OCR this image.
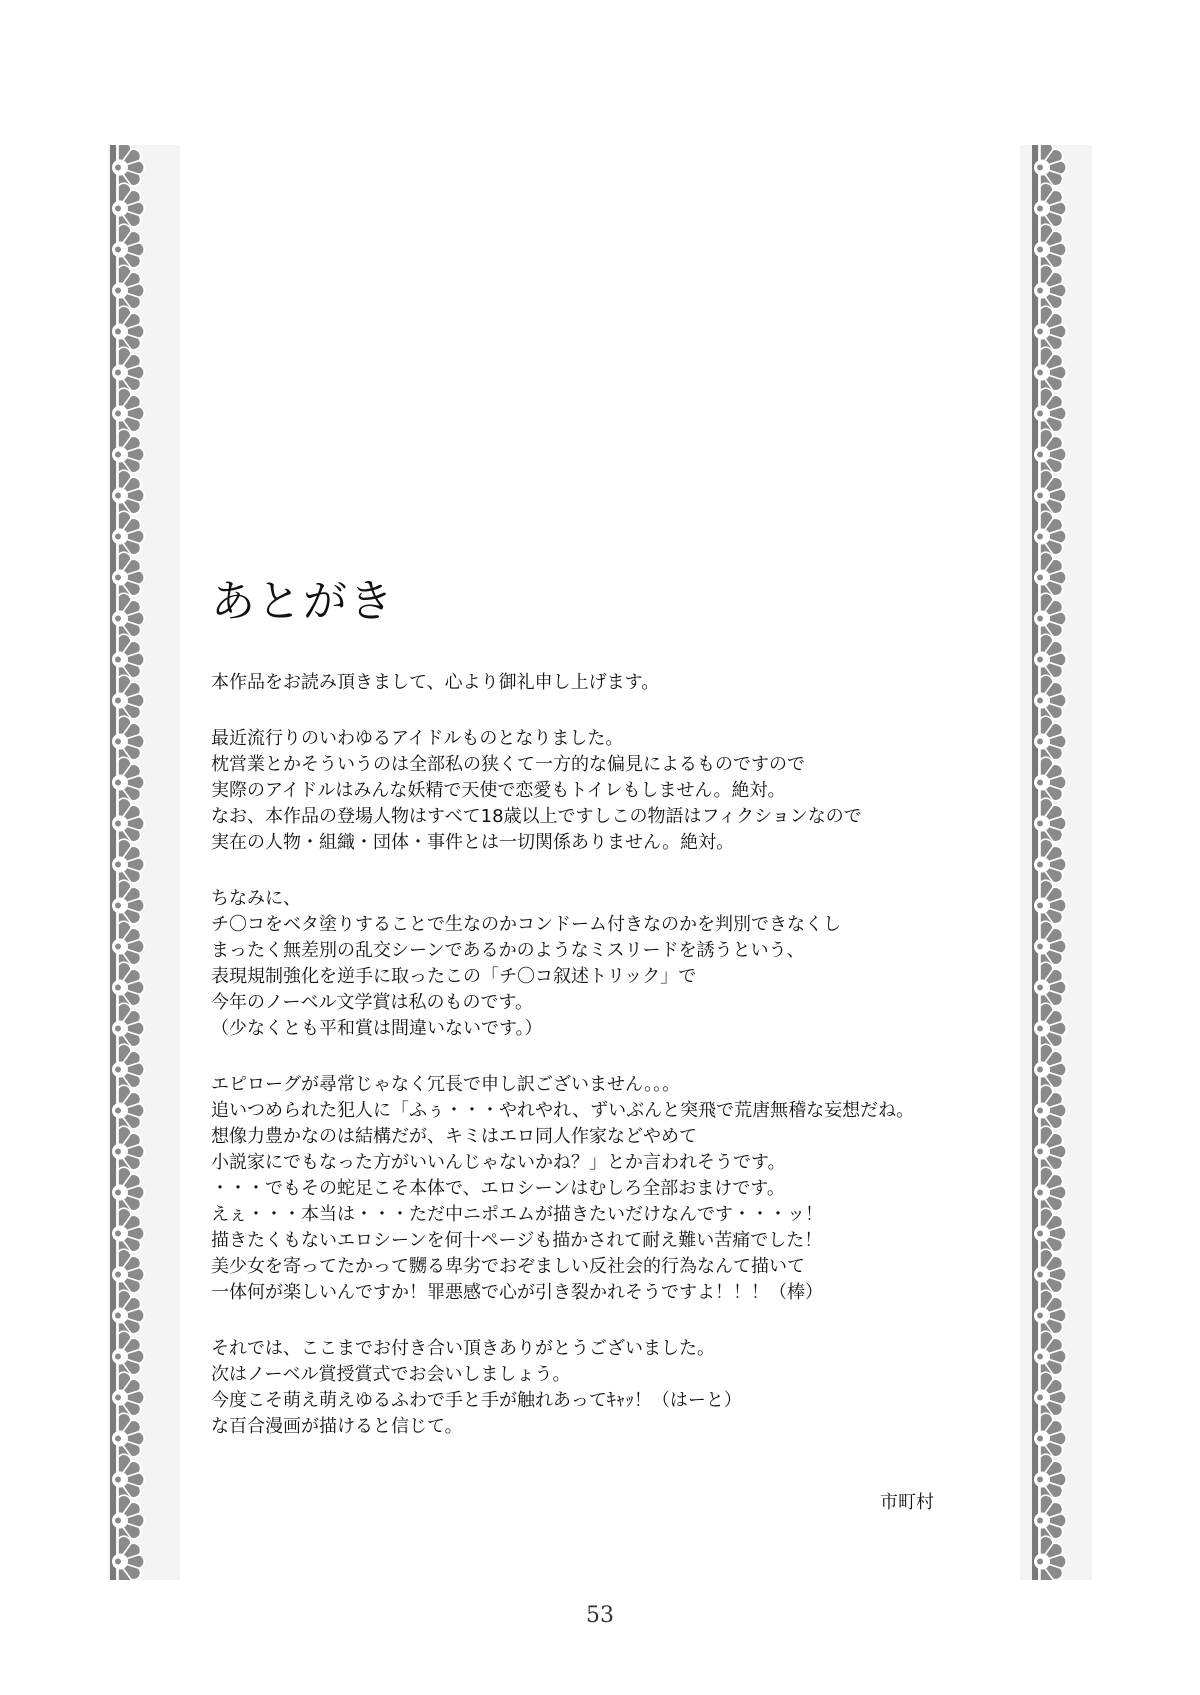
あとがき
本作品をお読み頂きまして、心より御礼申し上げます。
最近流行りのいわゆるアイドルものとなりました。
枕営業とかそういうのは全部私の狭くて一方的な偏見によるものですので
実際のアイドルはみんな妖精で天使で恋愛もトイレもしません。絶対。
なお、本作品の登場人物はすべて18歳以上ですしこの物語はフィクションなので
実在の人物・組織・団体・事件とは一切関係ありません。絶対。
ちなみに、
チ〇コをベタ塗りすることで生なのかコンドーム付きなのかを判別できなくし
まったく無差別の乱交シーンであるかのようなミスリードを誘うという、
表現規制強化を逆手に取ったこの「チ〇コ叙述トリック」で
今年のノーベル文学賞は私のものです。
（少なくとも平和賞は間違いないです。）
エピローグが尋常じゃなく冗長で申し訳ございません。。。
追いつめられた犯人に「ふぅ・・・やれやれ、ずいぶんと突飛で荒唐無稽な妄想だね。
想像力豊かなのは結構だが、キミはエロ同人作家などやめて
小説家にでもなった方がいいんじゃないかね？」とか言われそうです。
・・・でもその蛇足こそ本体で、エロシーンはむしろ全部おまけです。
えぇ・・・本当は・・・ただ中ニポエムが描きたいだけなんです・・・ッ！
描きたくもないエロシーンを何十ページも描かされて耐え難い苦痛でした！
美少女を寄ってたかって嬲る卑劣でおぞましい反社会的行為なんて描いて
一体何が楽しいんですか！罪悪感で心が引き裂かれそうですよ！！！（棒）
それでは、ここまでお付き合い頂きありがとうございました。
次はノーベル賞授賞式でお会いしましょう。
今度こそ萌え萌えゆるふわで手と手が触れあってｷｬｯ！（はーと）
な百合漫画が描けると信じて。
市町村
53
